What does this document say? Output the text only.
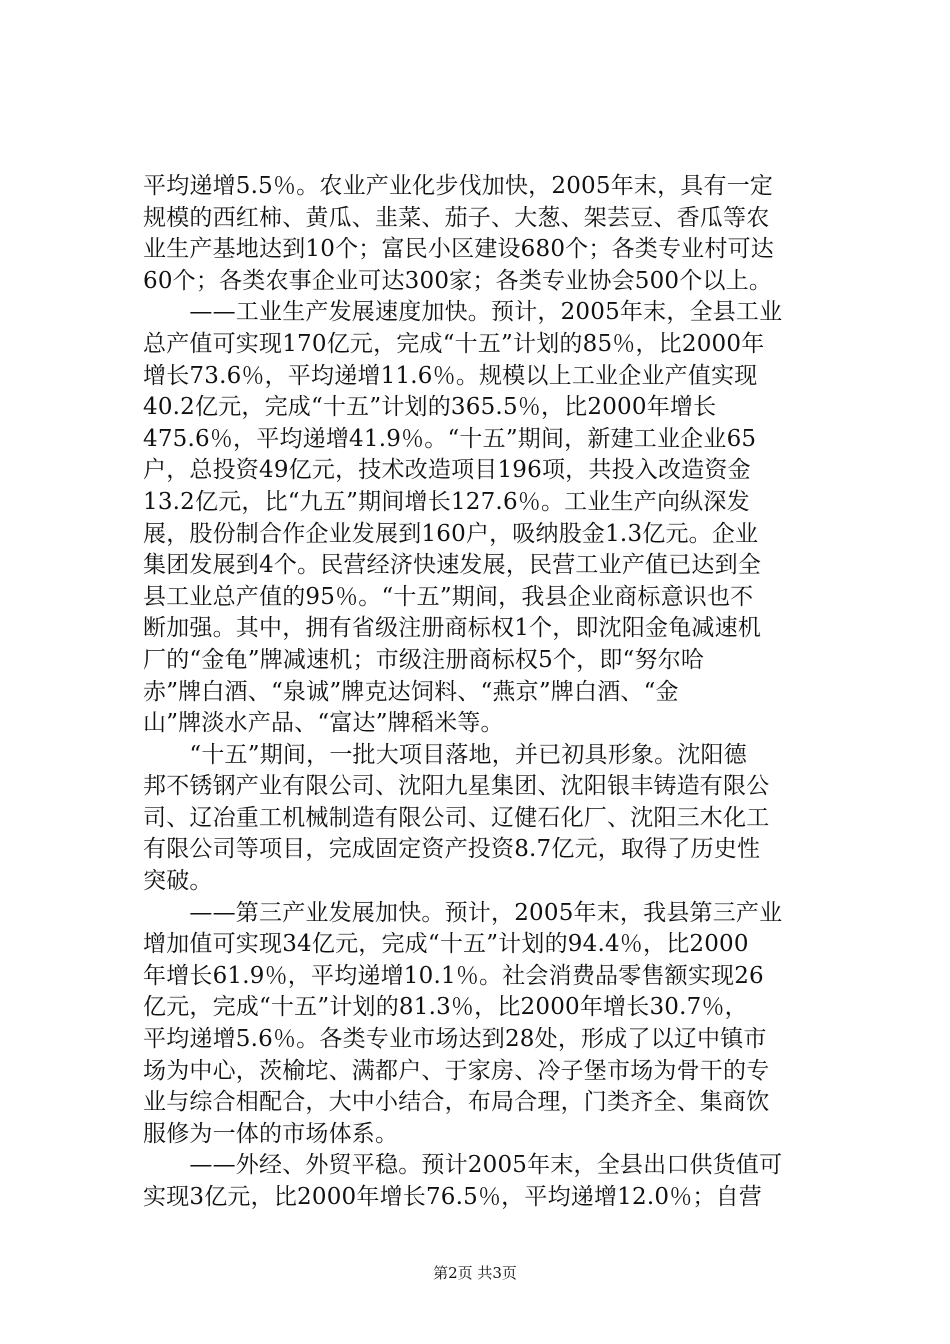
平均递增5.5％。农业产业化步伐加快，2005年末，具有一定
规模的西红柿、黄瓜、韭菜、茄子、大葱、架芸豆、香瓜等农
业生产基地达到10个；富民小区建设680个；各类专业村可达
60个；各类农事企业可达300家；各类专业协会500个以上。
　　——工业生产发展速度加快。预计，2005年末，全县工业
总产值可实现170亿元，完成“十五”计划的85％，比2000年
增长73.6％，平均递增11.6％。规模以上工业企业产值实现
40.2亿元，完成“十五”计划的365.5％，比2000年增长
475.6％，平均递增41.9％。“十五”期间，新建工业企业65
户，总投资49亿元，技术改造项目196项，共投入改造资金
13.2亿元，比“九五”期间增长127.6％。工业生产向纵深发
展，股份制合作企业发展到160户，吸纳股金1.3亿元。企业
集团发展到4个。民营经济快速发展，民营工业产值已达到全
县工业总产值的95％。“十五”期间，我县企业商标意识也不
断加强。其中，拥有省级注册商标权1个，即沈阳金龟减速机
厂的“金龟”牌减速机；市级注册商标权5个，即“努尔哈
赤”牌白酒、“泉诚”牌克达饲料、“燕京”牌白酒、“金
山”牌淡水产品、“富达”牌稻米等。
　　“十五”期间，一批大项目落地，并已初具形象。沈阳德
邦不锈钢产业有限公司、沈阳九星集团、沈阳银丰铸造有限公
司、辽冶重工机械制造有限公司、辽健石化厂、沈阳三木化工
有限公司等项目，完成固定资产投资8.7亿元，取得了历史性
突破。
　　——第三产业发展加快。预计，2005年末，我县第三产业
增加值可实现34亿元，完成“十五”计划的94.4％，比2000
年增长61.9％，平均递增10.1％。社会消费品零售额实现26
亿元，完成“十五”计划的81.3％，比2000年增长30.7％，
平均递增5.6％。各类专业市场达到28处，形成了以辽中镇市
场为中心，茨榆坨、满都户、于家房、冷子堡市场为骨干的专
业与综合相配合，大中小结合，布局合理，门类齐全、集商饮
服修为一体的市场体系。
　　——外经、外贸平稳。预计2005年末，全县出口供货值可
实现3亿元，比2000年增长76.5％，平均递增12.0％；自营
第2页 共3页
